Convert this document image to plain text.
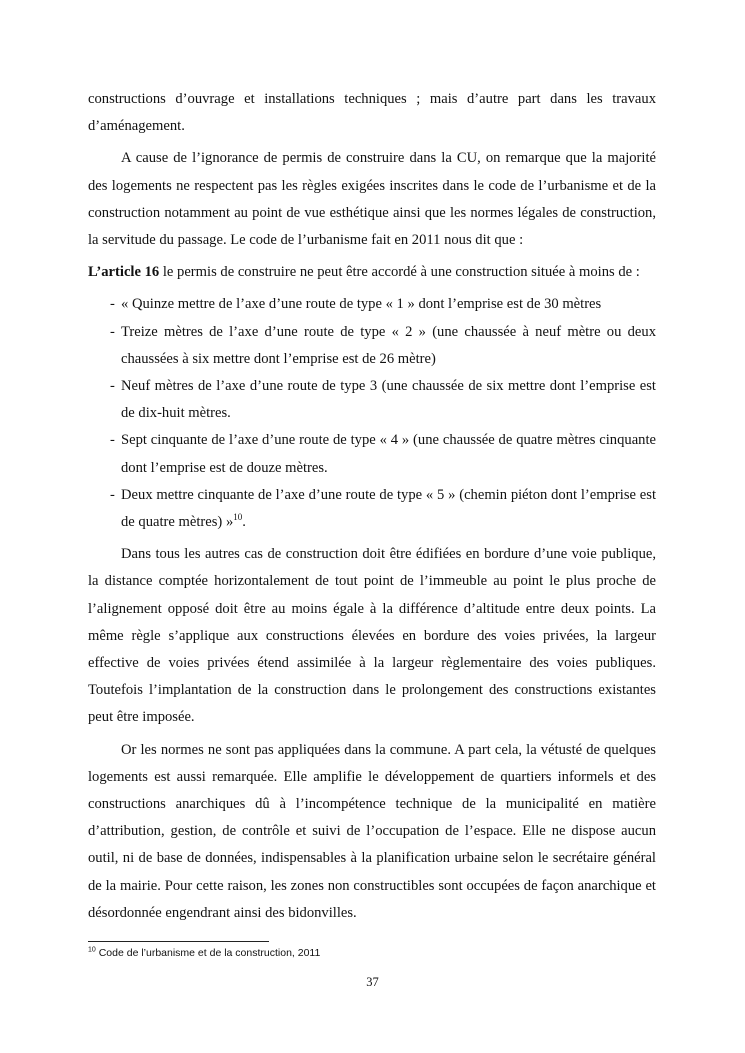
constructions d’ouvrage et installations techniques ; mais d’autre part dans les travaux d’aménagement.

A cause de l’ignorance de permis de construire dans la CU, on remarque que la majorité des logements ne respectent pas les règles exigées inscrites dans le code de l’urbanisme et de la construction notamment au point de vue esthétique ainsi que les normes légales de construction, la servitude du passage. Le code de l’urbanisme fait en 2011 nous dit que :

L’article 16 le permis de construire ne peut être accordé à une construction située à moins de :

- « Quinze mettre de l’axe d’une route de type « 1 » dont l’emprise est de 30 mètres
- Treize mètres de l’axe d’une route de type « 2 » (une chaussée à neuf mètre ou deux chaussées à six mettre dont l’emprise est de 26 mètre)
- Neuf mètres de l’axe d’une route de type 3 (une chaussée de six mettre dont l’emprise est de dix-huit mètres.
- Sept cinquante de l’axe d’une route de type « 4 » (une chaussée de quatre mètres cinquante dont l’emprise est de douze mètres.
- Deux mettre cinquante de l’axe d’une route de type « 5 » (chemin piéton dont l’emprise est de quatre mètres) »$^{10}$.

Dans tous les autres cas de construction doit être édifiées en bordure d’une voie publique, la distance comptée horizontalement de tout point de l’immeuble au point le plus proche de l’alignement opposé doit être au moins égale à la différence d’altitude entre deux points. La même règle s’applique aux constructions élevées en bordure des voies privées, la largeur effective de voies privées étend assimilée à la largeur règlementaire des voies publiques. Toutefois l’implantation de la construction dans le prolongement des constructions existantes peut être imposée.

Or les normes ne sont pas appliquées dans la commune. A part cela, la vétusté de quelques logements est aussi remarquée. Elle amplifie le développement de quartiers informels et des constructions anarchiques dû à l’incompétence technique de la municipalité en matière d’attribution, gestion, de contrôle et suivi de l’occupation de l’espace. Elle ne dispose aucun outil, ni de base de données, indispensables à la planification urbaine selon le secrétaire général de la mairie. Pour cette raison, les zones non constructibles sont occupées de façon anarchique et désordonnée engendrant ainsi des bidonvilles.

$^{10}$ Code de l’urbanisme et de la construction, 2011
37
